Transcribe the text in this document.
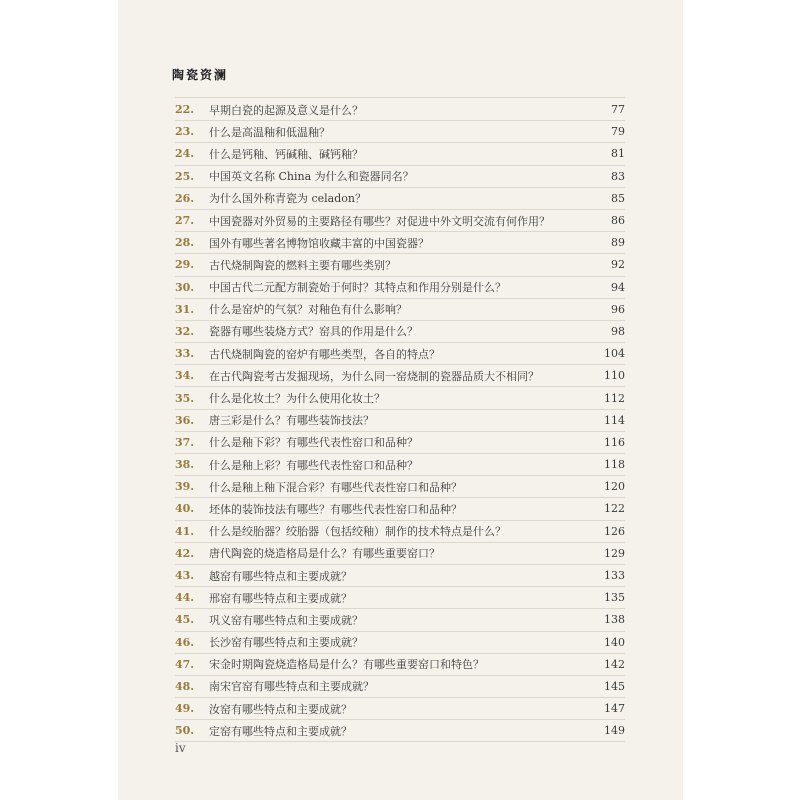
陶瓷资澜
22.	早期白瓷的起源及意义是什么？	77
23.	什么是高温釉和低温釉？	79
24.	什么是钙釉、钙碱釉、碱钙釉？	81
25.	中国英文名称 China 为什么和瓷器同名？	83
26.	为什么国外称青瓷为 celadon？	85
27.	中国瓷器对外贸易的主要路径有哪些？对促进中外文明交流有何作用？	86
28.	国外有哪些著名博物馆收藏丰富的中国瓷器？	89
29.	古代烧制陶瓷的燃料主要有哪些类别？	92
30.	中国古代二元配方制瓷始于何时？其特点和作用分别是什么？	94
31.	什么是窑炉的气氛？对釉色有什么影响？	96
32.	瓷器有哪些装烧方式？窑具的作用是什么？	98
33.	古代烧制陶瓷的窑炉有哪些类型，各自的特点？	104
34.	在古代陶瓷考古发掘现场，为什么同一窑烧制的瓷器品质大不相同？	110
35.	什么是化妆土？为什么使用化妆土？	112
36.	唐三彩是什么？有哪些装饰技法？	114
37.	什么是釉下彩？有哪些代表性窑口和品种？	116
38.	什么是釉上彩？有哪些代表性窑口和品种？	118
39.	什么是釉上釉下混合彩？有哪些代表性窑口和品种？	120
40.	坯体的装饰技法有哪些？有哪些代表性窑口和品种？	122
41.	什么是绞胎器？绞胎器（包括绞釉）制作的技术特点是什么？	126
42.	唐代陶瓷的烧造格局是什么？有哪些重要窑口？	129
43.	越窑有哪些特点和主要成就？	133
44.	邢窑有哪些特点和主要成就？	135
45.	巩义窑有哪些特点和主要成就？	138
46.	长沙窑有哪些特点和主要成就？	140
47.	宋金时期陶瓷烧造格局是什么？有哪些重要窑口和特色？	142
48.	南宋官窑有哪些特点和主要成就？	145
49.	汝窑有哪些特点和主要成就？	147
50.	定窑有哪些特点和主要成就？	149
iv
